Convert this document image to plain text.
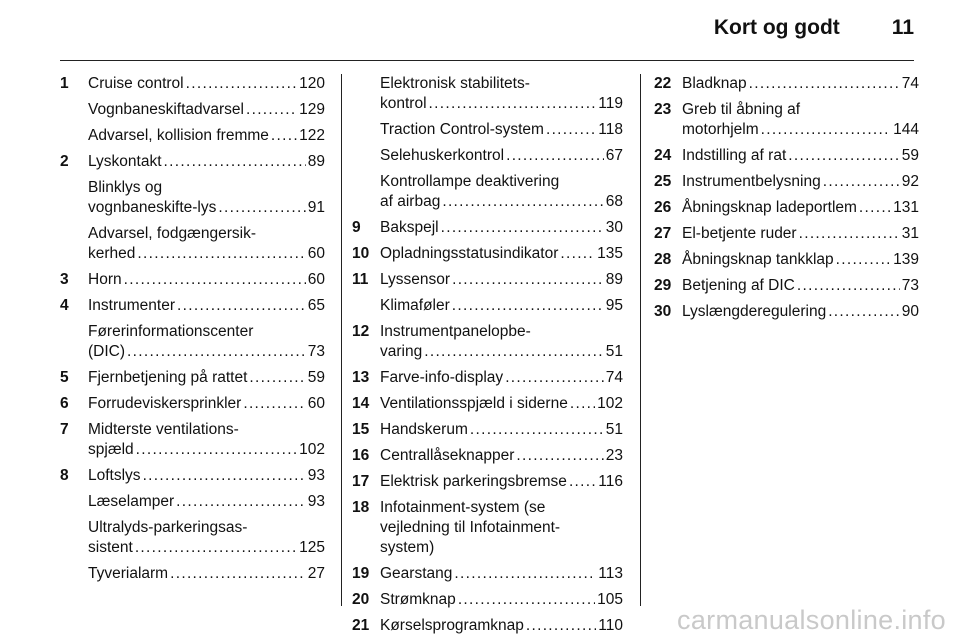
Kort og godt 11
1	Cruise control . . .	120
Vognbaneskiftadvarsel . . .	129
Advarsel, kollision fremme . . . 122
2	Lyskontakt . . .	89
Blinklys og
vognbaneskifte-lys . . .	91
Advarsel, fodgængersik-
kerhed . . .	60
3	Horn . . .	60
4	Instrumenter . . .	65
Førerinformationscenter
(DIC) . . .	73
5	Fjernbetjening på rattet . . .	59
6	Forrudeviskersprinkler . . .	60
7	Midterste ventilations-
spjæld . . .	102
8	Loftslys . . .	93
Læselamper . . .	93
Ultralyds-parkeringsas-
sistent . . .	125
Tyverialarm . . .	27
Elektronisk stabilitets-
kontrol . . .	119
Traction Control-system . . .	118
Selehuskerkontrol . . .	67
Kontrollampe deaktivering
af airbag . . .	68
9	Bakspejl . . .	30
10 Opladningsstatusindikator . . .	135
11 Lyssensor . . .	89
Klimaføler . . .	95
12 Instrumentpanelopbe-
varing . . .	51
13 Farve-info-display . . .	74
14 Ventilationsspjæld i siderne . . . 102
15 Handskerum . . .	51
16 Centrallåseknapper . . .	23
17 Elektrisk parkeringsbremse . . . 116
18 Infotainment-system (se
vejledning til Infotainment-
system)
19 Gearstang . . .	113
20 Strømknap . . .	105
21 Kørselsprogramknap . . .	110
22 Bladknap . . .	74
23 Greb til åbning af
motorhjelm . . .	144
24 Indstilling af rat . . .	59
25 Instrumentbelysning . . .	92
26 Åbningsknap ladeportlem . . . 131
27 El-betjente ruder . . .	31
28 Åbningsknap tankklap . . .	139
29 Betjening af DIC . . .	73
30 Lyslængderegulering . . .	90
carmanualsonline.info
